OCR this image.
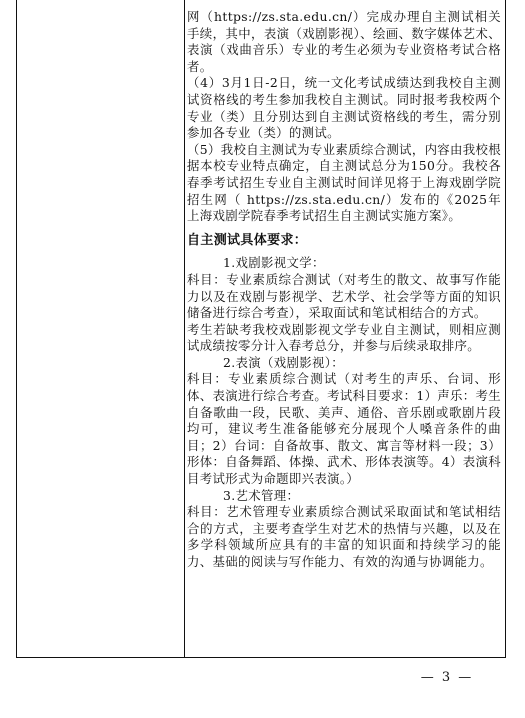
网（https://zs.sta.edu.cn/）完成办理自主测试相关手续，其中，表演（戏剧影视）、绘画、数字媒体艺术、表演（戏曲音乐）专业的考生必须为专业资格考试合格者。

（4）3月1日-2日，统一文化考试成绩达到我校自主测试资格线的考生参加我校自主测试。同时报考我校两个专业（类）且分别达到自主测试资格线的考生，需分别参加各专业（类）的测试。

（5）我校自主测试为专业素质综合测试，内容由我校根据本校专业特点确定，自主测试总分为150分。我校各春季考试招生专业自主测试时间详见将于上海戏剧学院招生网（ https://zs.sta.edu.cn/）发布的《2025年上海戏剧学院春季考试招生自主测试实施方案》。

自主测试具体要求：

1.戏剧影视文学：

科目：专业素质综合测试（对考生的散文、故事写作能力以及在戏剧与影视学、艺术学、社会学等方面的知识储备进行综合考查），采取面试和笔试相结合的方式。

考生若缺考我校戏剧影视文学专业自主测试，则相应测试成绩按零分计入春考总分，并参与后续录取排序。

2.表演（戏剧影视）：

科目：专业素质综合测试（对考生的声乐、台词、形体、表演进行综合考查。考试科目要求：1）声乐：考生自备歌曲一段，民歌、美声、通俗、音乐剧或歌剧片段均可，建议考生准备能够充分展现个人嗓音条件的曲目；2）台词：自备故事、散文、寓言等材料一段；3）形体：自备舞蹈、体操、武术、形体表演等。4）表演科目考试形式为命题即兴表演。）

3.艺术管理：

科目：艺术管理专业素质综合测试采取面试和笔试相结合的方式，主要考查学生对艺术的热情与兴趣，以及在多学科领域所应具有的丰富的知识面和持续学习的能力、基础的阅读与写作能力、有效的沟通与协调能力。

— 3 —
